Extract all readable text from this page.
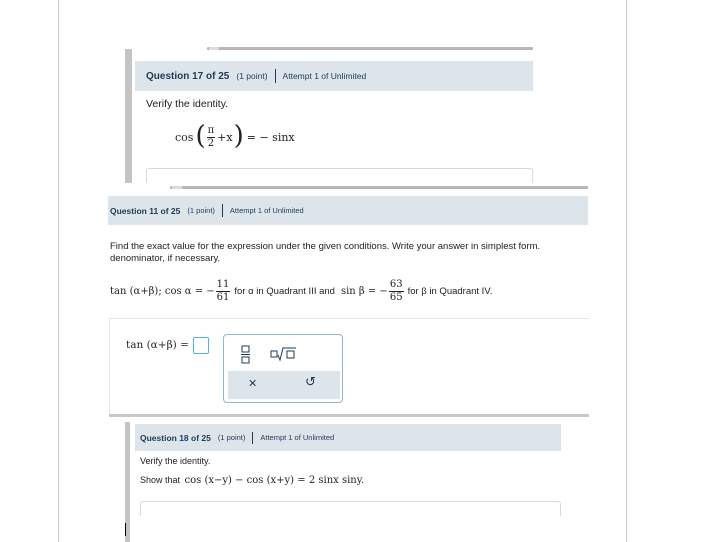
Question 17 of 25 (1 point) Attempt 1 of Unlimited
Verify the identity.
cos ( $\frac{\pi}{2} +x$ ) = − sinx
Question 11 of 25 (1 point) Attempt 1 of Unlimited
Find the exact value for the expression under the given conditions. Write your answer in simplest form.
denominator, if necessary.
tan (α+β); cos α = − $\frac{11}{61}$ for α in Quadrant III and sin β = − $\frac{63}{65}$ for β in Quadrant IV.
tan (α+β) =
✕	↺
Question 18 of 25 (1 point) Attempt 1 of Unlimited
Verify the identity.
Show that cos (x−y) − cos (x+y) = 2 sinx siny.
